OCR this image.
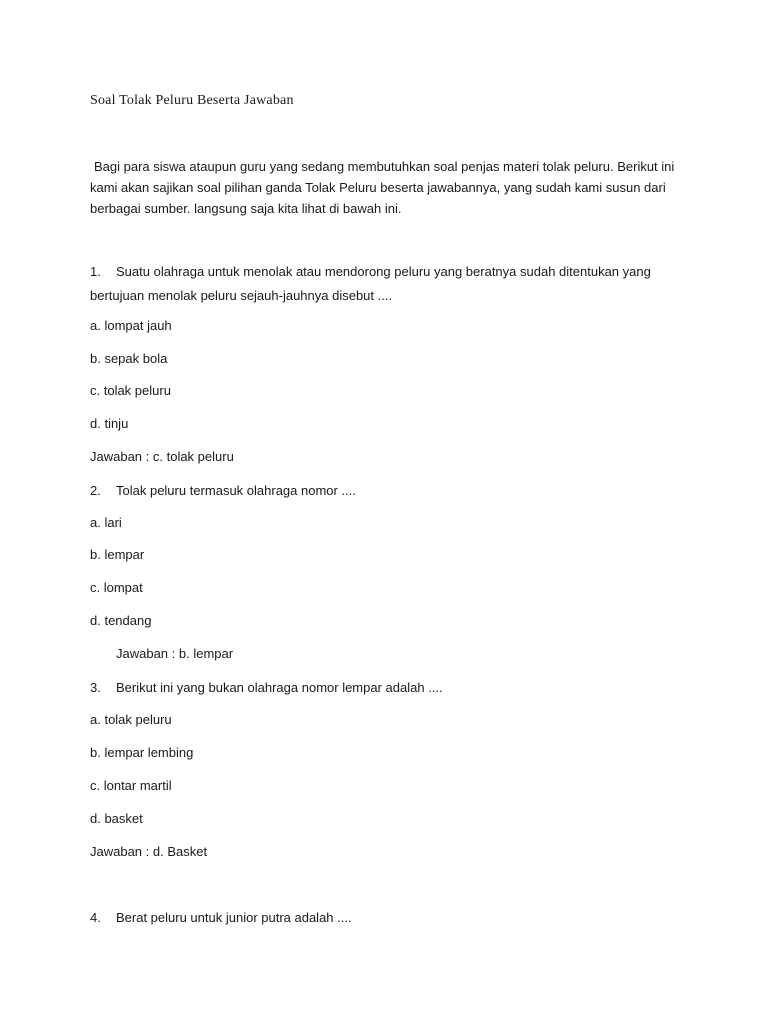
Soal Tolak Peluru Beserta Jawaban
Bagi para siswa ataupun guru yang sedang membutuhkan soal penjas materi tolak peluru. Berikut ini kami akan sajikan soal pilihan ganda Tolak Peluru beserta jawabannya, yang sudah kami susun dari berbagai sumber. langsung saja kita lihat di bawah ini.
1. Suatu olahraga untuk menolak atau mendorong peluru yang beratnya sudah ditentukan yang bertujuan menolak peluru sejauh-jauhnya disebut ....
a. lompat jauh
b. sepak bola
c. tolak peluru
d. tinju
Jawaban : c. tolak peluru
2. Tolak peluru termasuk olahraga nomor ....
a. lari
b. lempar
c. lompat
d. tendang
Jawaban : b. lempar
3. Berikut ini yang bukan olahraga nomor lempar adalah ....
a. tolak peluru
b. lempar lembing
c. lontar martil
d. basket
Jawaban : d. Basket
4. Berat peluru untuk junior putra adalah ....
